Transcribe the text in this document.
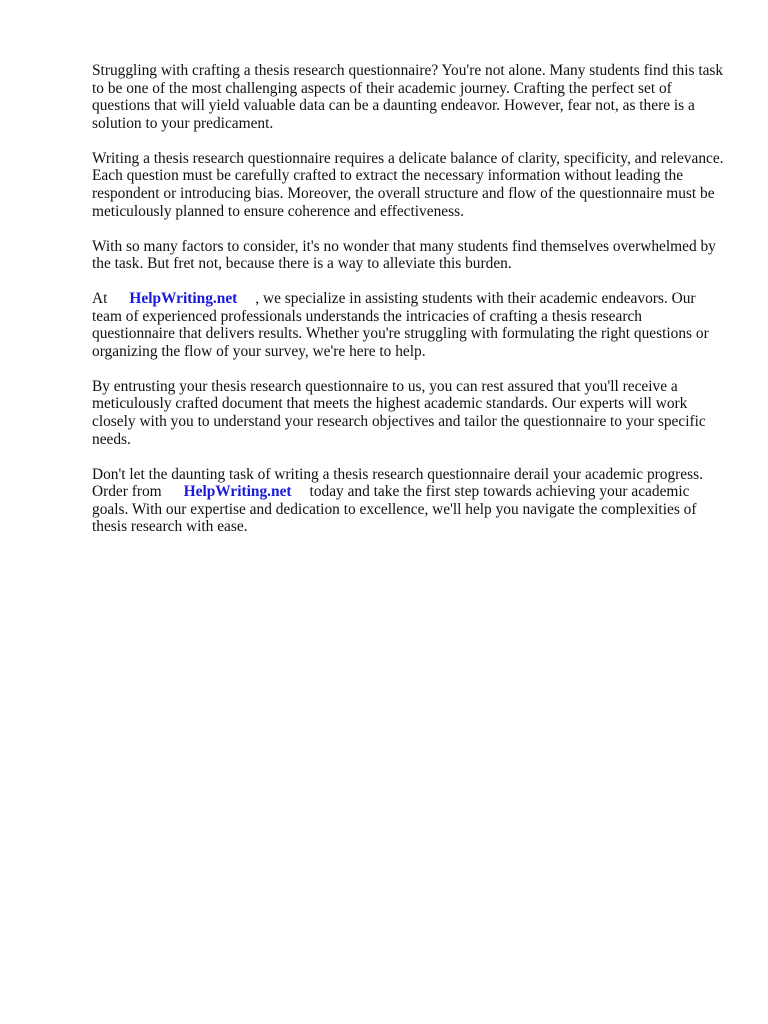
Struggling with crafting a thesis research questionnaire? You're not alone. Many students find this task to be one of the most challenging aspects of their academic journey. Crafting the perfect set of questions that will yield valuable data can be a daunting endeavor. However, fear not, as there is a solution to your predicament.

Writing a thesis research questionnaire requires a delicate balance of clarity, specificity, and relevance. Each question must be carefully crafted to extract the necessary information without leading the respondent or introducing bias. Moreover, the overall structure and flow of the questionnaire must be meticulously planned to ensure coherence and effectiveness.

With so many factors to consider, it's no wonder that many students find themselves overwhelmed by the task. But fret not, because there is a way to alleviate this burden.

At HelpWriting.net , we specialize in assisting students with their academic endeavors. Our team of experienced professionals understands the intricacies of crafting a thesis research questionnaire that delivers results. Whether you're struggling with formulating the right questions or organizing the flow of your survey, we're here to help.

By entrusting your thesis research questionnaire to us, you can rest assured that you'll receive a meticulously crafted document that meets the highest academic standards. Our experts will work closely with you to understand your research objectives and tailor the questionnaire to your specific needs.

Don't let the daunting task of writing a thesis research questionnaire derail your academic progress. Order from HelpWriting.net today and take the first step towards achieving your academic goals. With our expertise and dedication to excellence, we'll help you navigate the complexities of thesis research with ease.
